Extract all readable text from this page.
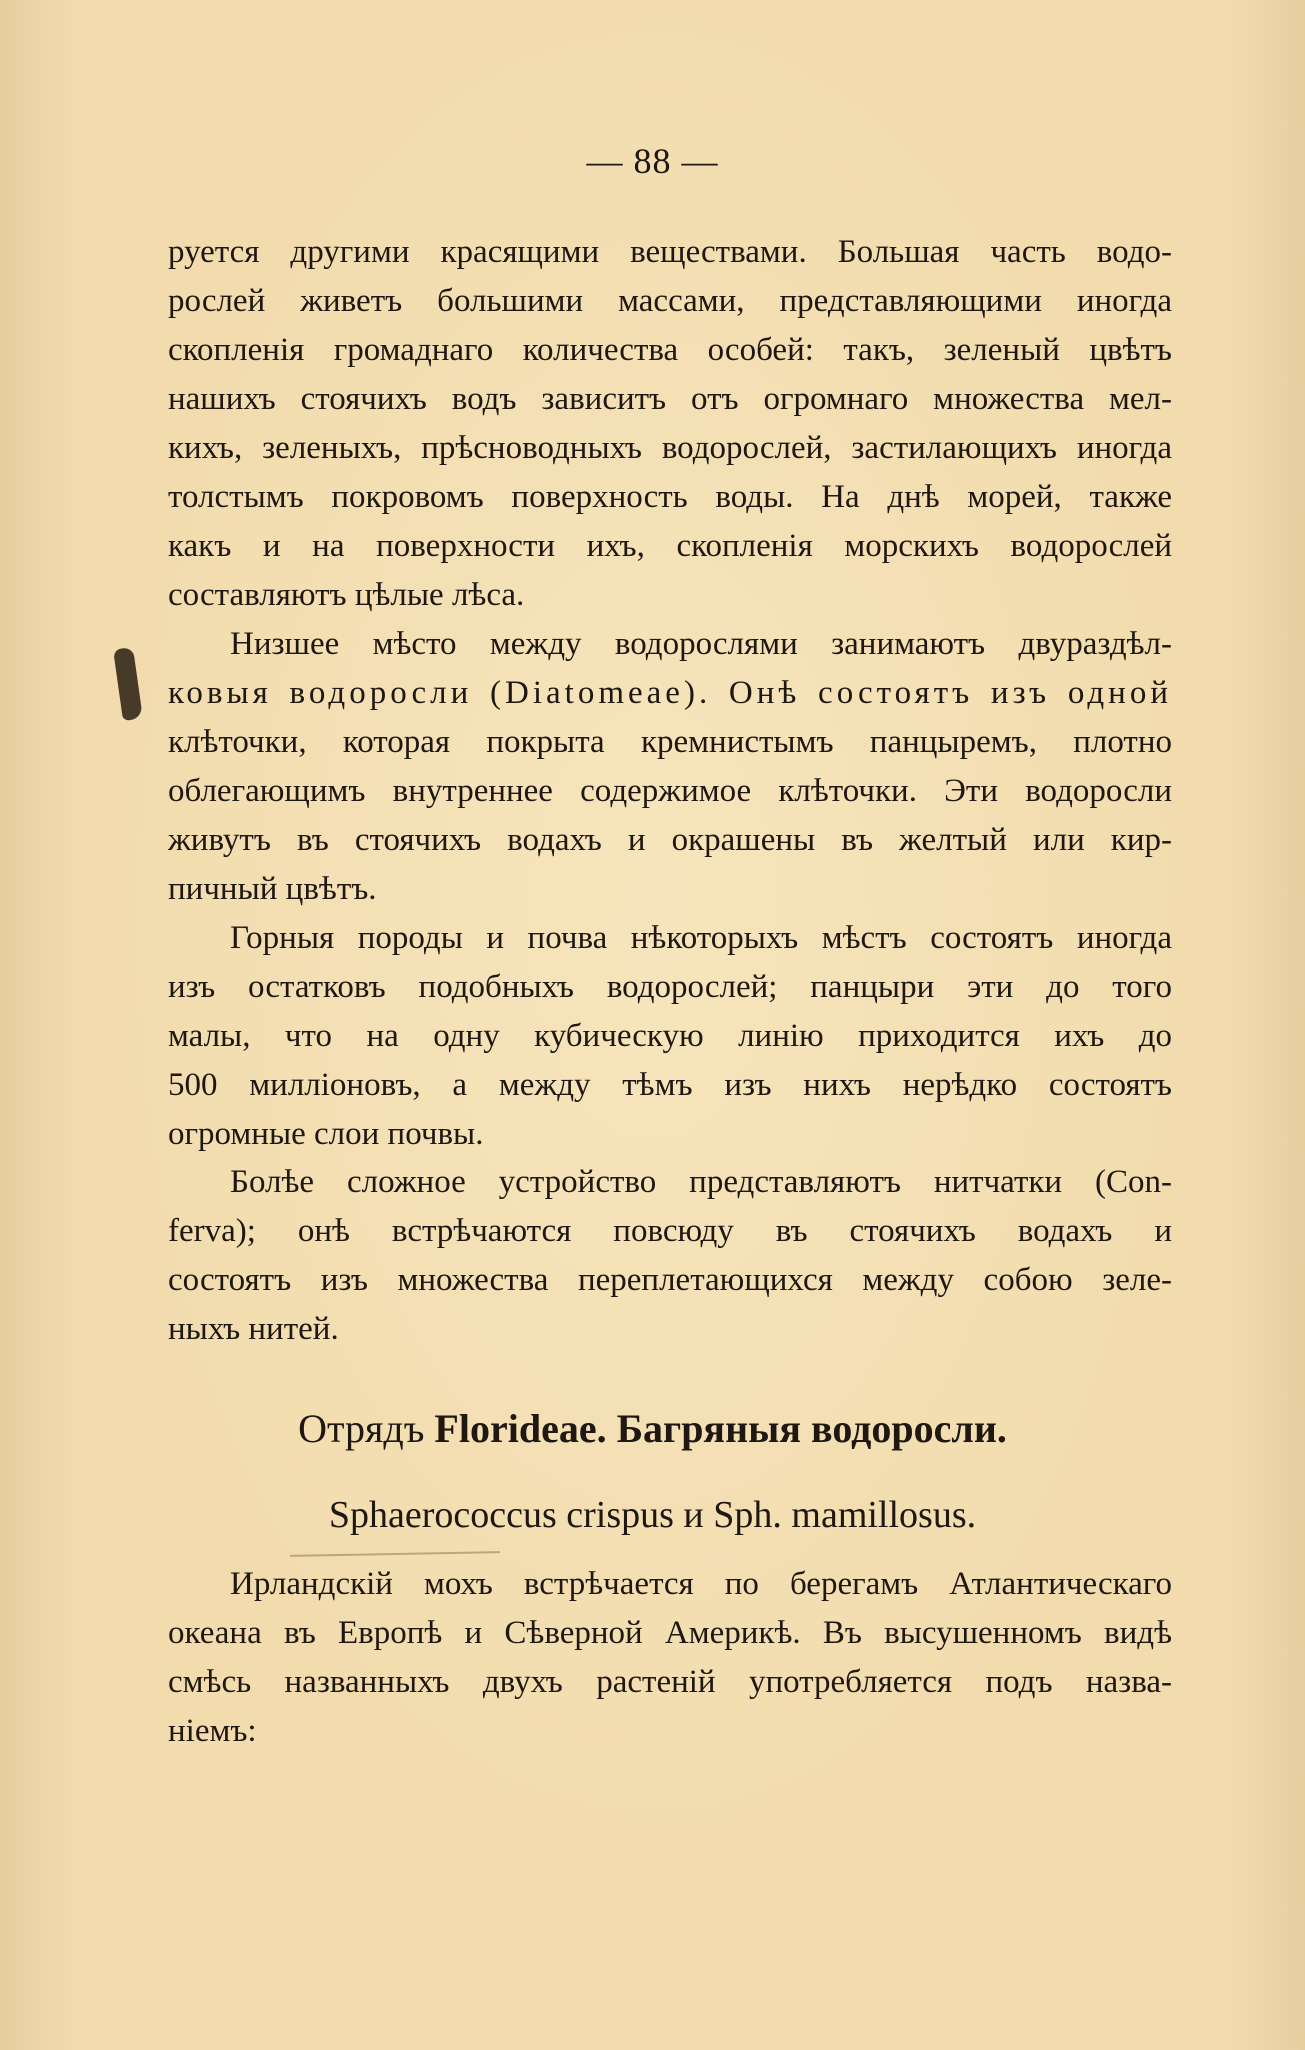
— 88 —
руется другими красящими веществами. Большая часть водо-
рослей живетъ большими массами, представляющими иногда
скопленія громаднаго количества особей: такъ, зеленый цвѣтъ
нашихъ стоячихъ водъ зависитъ отъ огромнаго множества мел-
кихъ, зеленыхъ, прѣсноводныхъ водорослей, застилающихъ иногда
толстымъ покровомъ поверхность воды. На днѣ морей, также
какъ и на поверхности ихъ, скопленія морскихъ водорослей
составляютъ цѣлые лѣса.
Низшее мѣсто между водорослями занимаютъ двураздѣл-
ковыя водоросли (Diatomeae). Онѣ состоятъ изъ одной
клѣточки, которая покрыта кремнистымъ панцыремъ, плотно
облегающимъ внутреннее содержимое клѣточки. Эти водоросли
живутъ въ стоячихъ водахъ и окрашены въ желтый или кир-
пичный цвѣтъ.
Горныя породы и почва нѣкоторыхъ мѣстъ состоятъ иногда
изъ остатковъ подобныхъ водорослей; панцыри эти до того
малы, что на одну кубическую линію приходится ихъ до
500 милліоновъ, а между тѣмъ изъ нихъ нерѣдко состоятъ
огромные слои почвы.
Болѣе сложное устройство представляютъ нитчатки (Con-
ferva); онѣ встрѣчаются повсюду въ стоячихъ водахъ и
состоятъ изъ множества переплетающихся между собою зеле-
ныхъ нитей.
Отрядъ Florideae. Багряныя водоросли.
Sphaerococcus crispus и Sph. mamillosus.
Ирландскій мохъ встрѣчается по берегамъ Атлантическаго
океана въ Европѣ и Сѣверной Америкѣ. Въ высушенномъ видѣ
смѣсь названныхъ двухъ растеній употребляется подъ назва-
ніемъ:
